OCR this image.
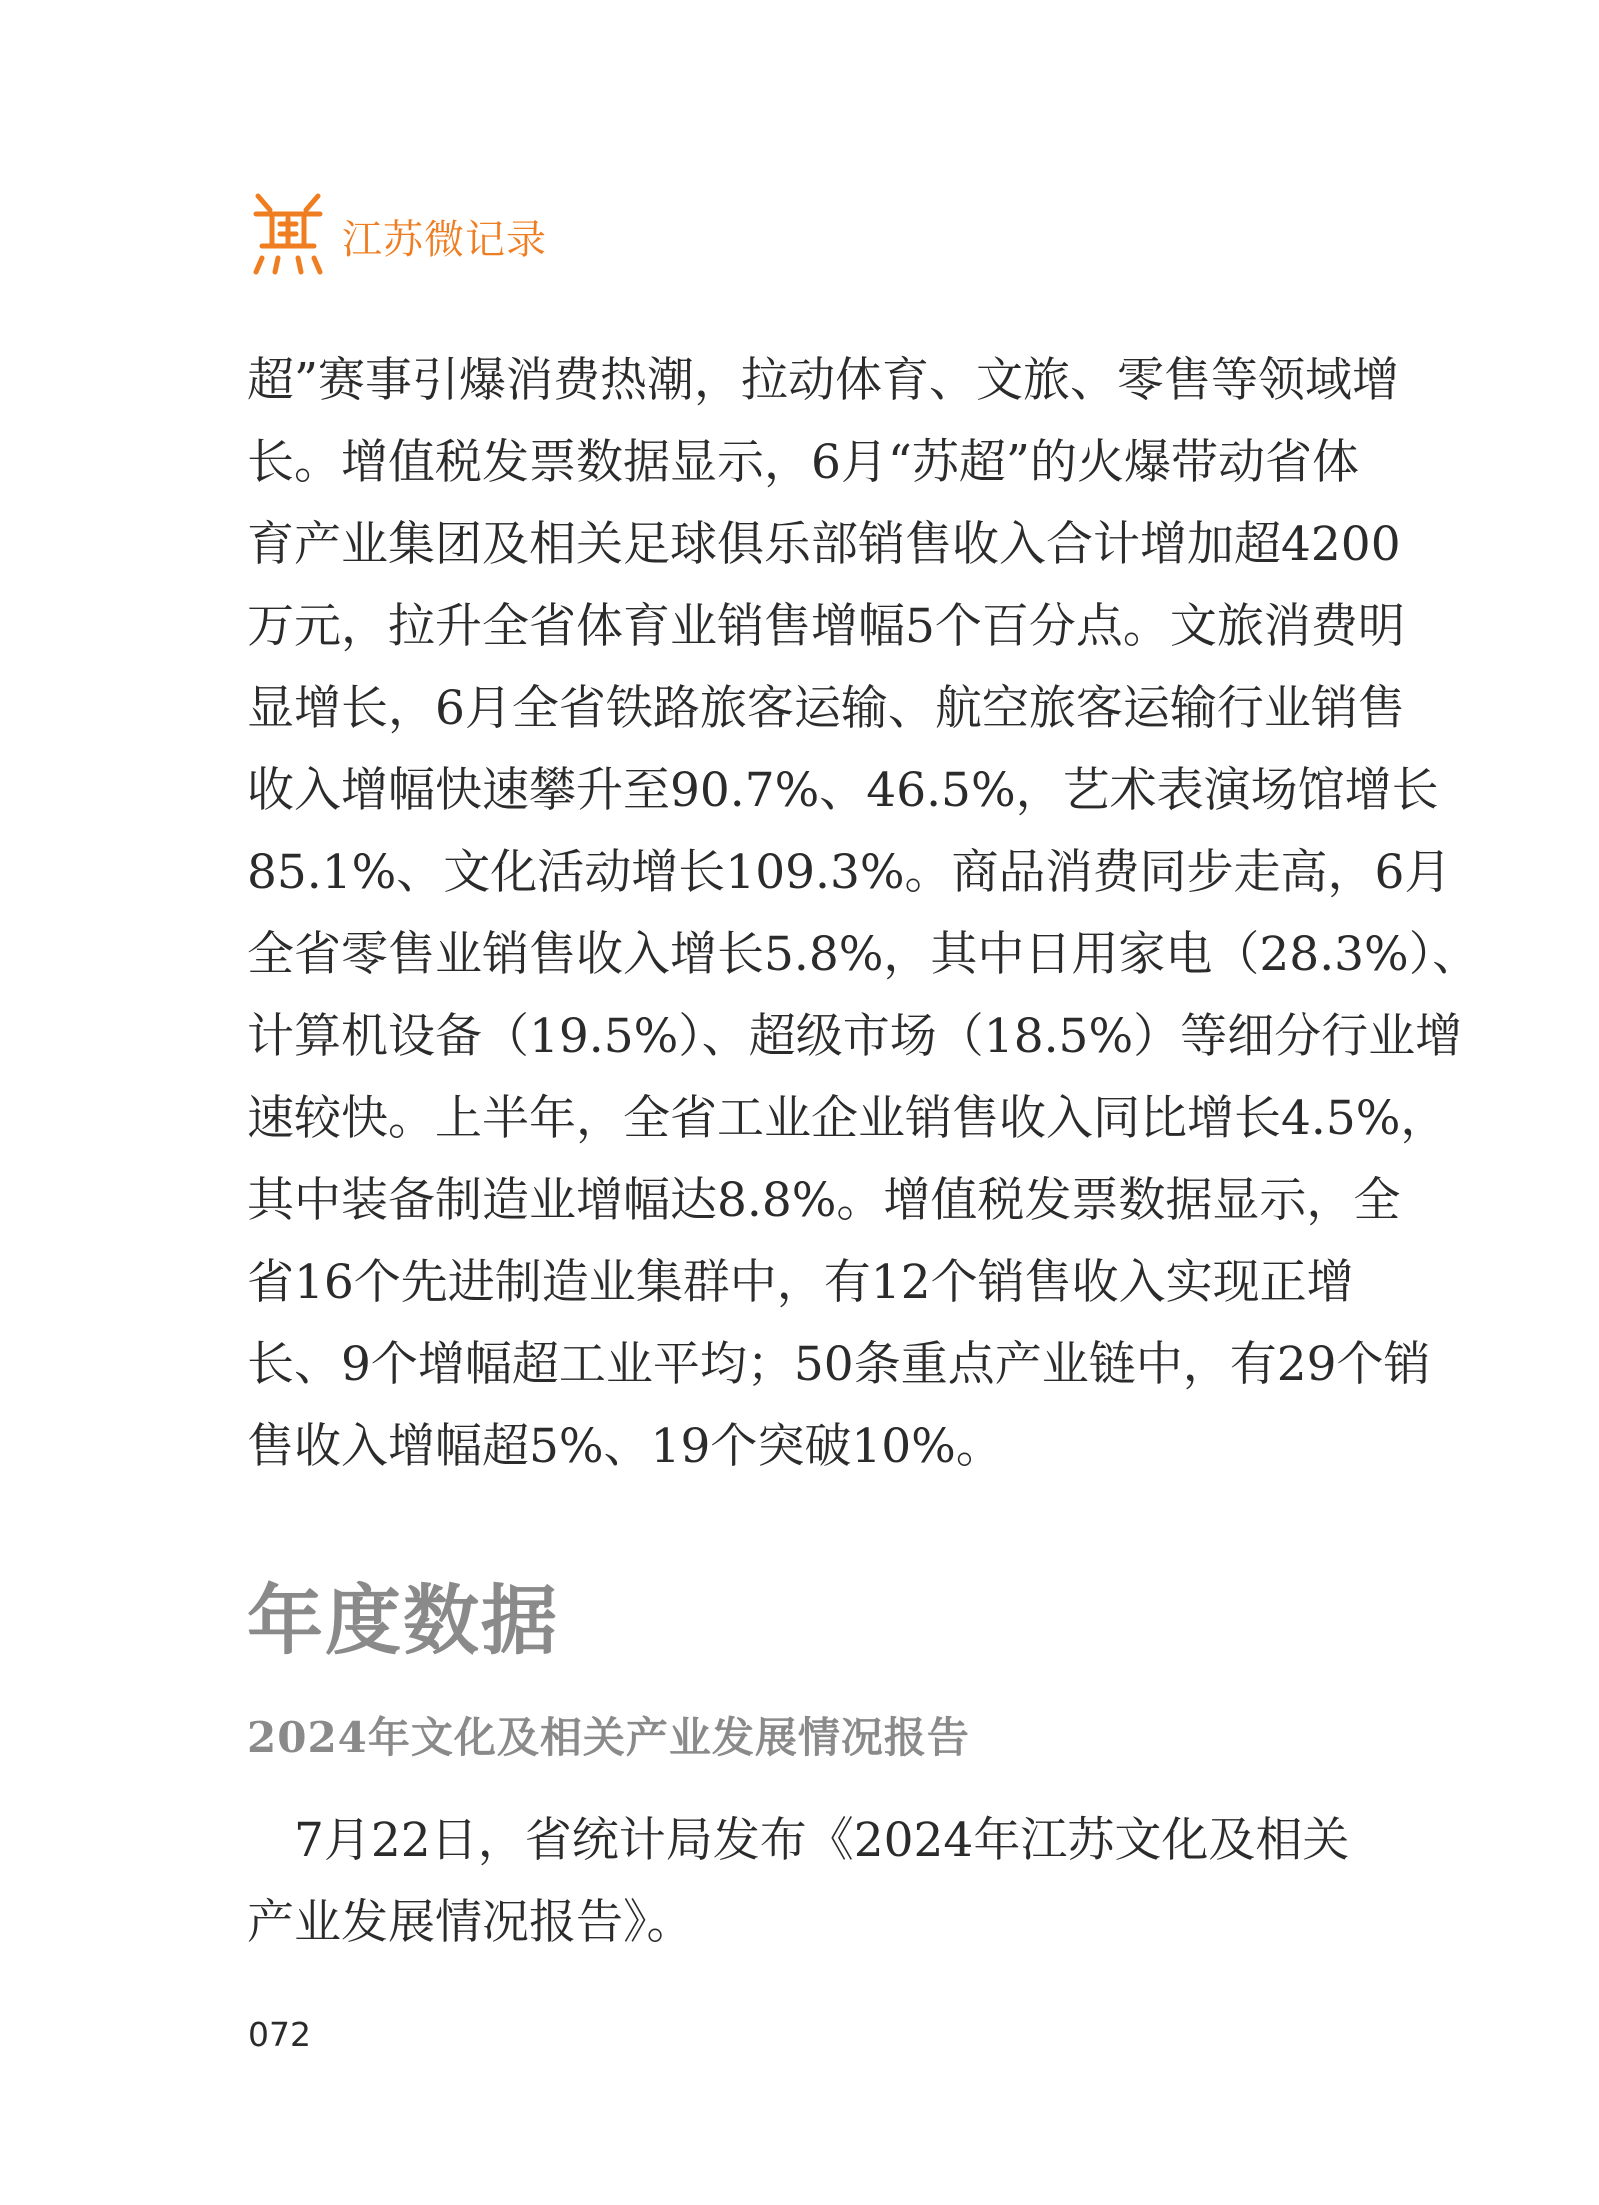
江苏微记录
超”赛事引爆消费热潮，拉动体育、文旅、零售等领域增
长。增值税发票数据显示，6月“苏超”的火爆带动省体
育产业集团及相关足球俱乐部销售收入合计增加超4200
万元，拉升全省体育业销售增幅5个百分点。文旅消费明
显增长，6月全省铁路旅客运输、航空旅客运输行业销售
收入增幅快速攀升至90.7%、46.5%，艺术表演场馆增长
85.1%、文化活动增长109.3%。商品消费同步走高，6月
全省零售业销售收入增长5.8%，其中日用家电（28.3%）、
计算机设备（19.5%）、超级市场（18.5%）等细分行业增
速较快。上半年，全省工业企业销售收入同比增长4.5%，
其中装备制造业增幅达8.8%。增值税发票数据显示，全
省16个先进制造业集群中，有12个销售收入实现正增
长、9个增幅超工业平均；50条重点产业链中，有29个销
售收入增幅超5%、19个突破10%。
年度数据
2024年文化及相关产业发展情况报告
　7月22日，省统计局发布《2024年江苏文化及相关
产业发展情况报告》。
072
